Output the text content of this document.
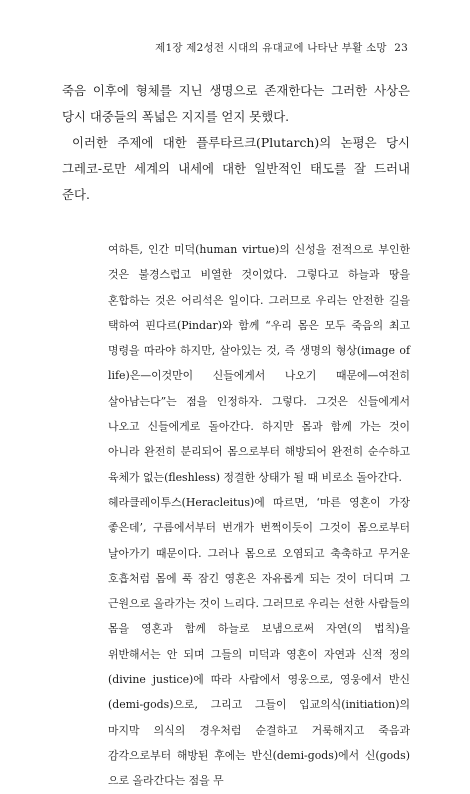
제1장 제2성전 시대의 유대교에 나타난 부활 소망 23

죽음 이후에 형체를 지닌 생명으로 존재한다는 그러한 사상은 당시 대중들의 폭넓은 지지를 얻지 못했다.

이러한 주제에 대한 플루타르크(Plutarch)의 논평은 당시 그레코-로만 세계의 내세에 대한 일반적인 태도를 잘 드러내 준다.

여하튼, 인간 미덕(human virtue)의 신성을 전적으로 부인한 것은 불경스럽고 비열한 것이었다. 그렇다고 하늘과 땅을 혼합하는 것은 어리석은 일이다. 그러므로 우리는 안전한 길을 택하여 핀다르(Pindar)와 함께 “우리 몸은 모두 죽음의 최고 명령을 따라야 하지만, 살아있는 것, 즉 생명의 형상(image of life)은—이것만이 신들에게서 나오기 때문에—여전히 살아남는다”는 점을 인정하자. 그렇다. 그것은 신들에게서 나오고 신들에게로 돌아간다. 하지만 몸과 함께 가는 것이 아니라 완전히 분리되어 몸으로부터 해방되어 완전히 순수하고 육체가 없는(fleshless) 정결한 상태가 될 때 비로소 돌아간다.

헤라클레이투스(Heracleitus)에 따르면, ‘마른 영혼이 가장 좋은데’, 구름에서부터 번개가 번쩍이듯이 그것이 몸으로부터 날아가기 때문이다. 그러나 몸으로 오염되고 축축하고 무거운 호흡처럼 몸에 푹 잠긴 영혼은 자유롭게 되는 것이 더디며 그 근원으로 올라가는 것이 느리다. 그러므로 우리는 선한 사람들의 몸을 영혼과 함께 하늘로 보냄으로써 자연(의 법칙)을 위반해서는 안 되며 그들의 미덕과 영혼이 자연과 신적 정의(divine justice)에 따라 사람에서 영웅으로, 영웅에서 반신(demi-gods)으로, 그리고 그들이 입교의식(initiation)의 마지막 의식의 경우처럼 순결하고 거룩해지고 죽음과 감각으로부터 해방된 후에는 반신(demi-gods)에서 신(gods)으로 올라간다는 점을 무
